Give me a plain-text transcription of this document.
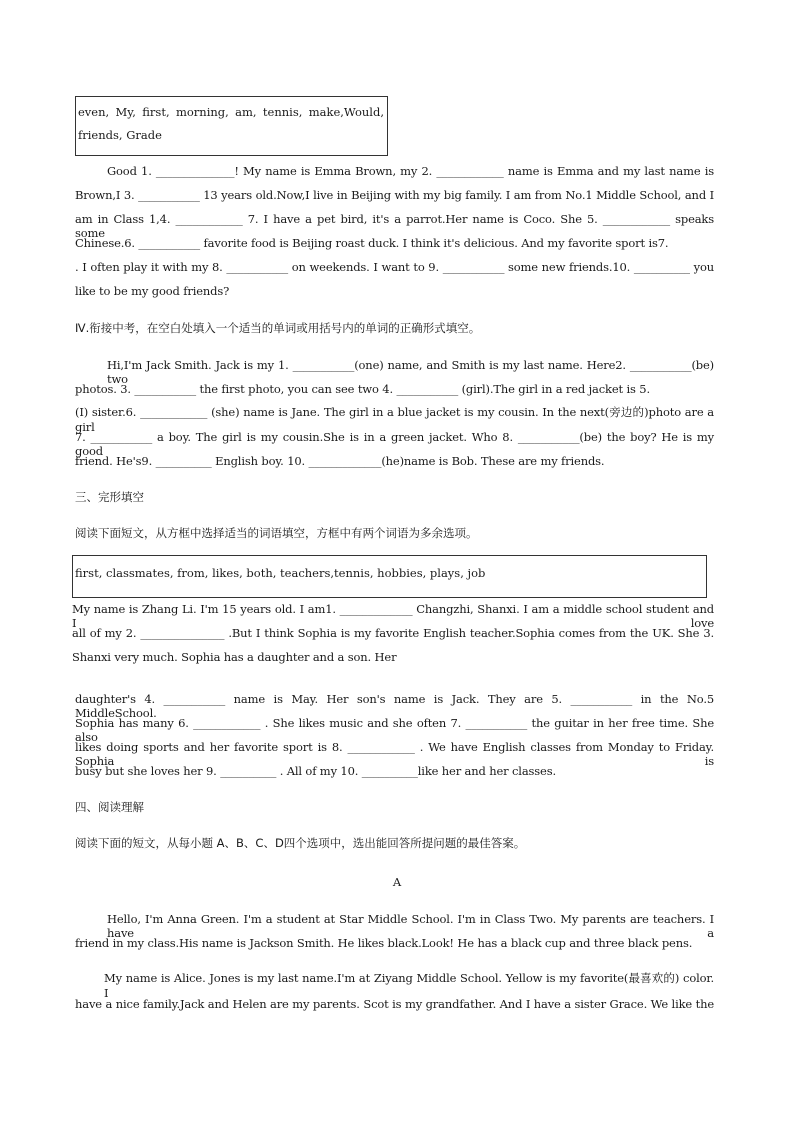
even, My, first, morning, am, tennis, make,Would,
friends, Grade
Good 1. ______________! My name is Emma Brown, my 2. ____________ name is Emma and my last name is
Brown,I 3. ___________ 13 years old.Now,I live in Beijing with my big family. I am from No.1 Middle School, and I
am in Class 1,4. ____________ 7. I have a pet bird, it's a parrot.Her name is Coco. She 5. ____________ speaks some
Chinese.6. ___________ favorite food is Beijing roast duck. I think it's delicious. And my favorite sport is7.
. I often play it with my 8. ___________ on weekends. I want to 9. ___________ some new friends.10. __________ you
like to be my good friends?
Ⅳ.衔接中考，在空白处填入一个适当的单词或用括号内的单词的正确形式填空。
Hi,I'm Jack Smith. Jack is my 1. ___________(one) name, and Smith is my last name. Here2. ___________(be) two
photos. 3. ___________ the first photo, you can see two 4. ___________ (girl).The girl in a red jacket is 5.
(I) sister.6. ____________ (she) name is Jane. The girl in a blue jacket is my cousin. In the next(旁边的)photo are a girl
7. ___________ a boy. The girl is my cousin.She is in a green jacket. Who 8. ___________(be) the boy? He is my good
friend. He's9. __________ English boy. 10. _____________(he)name is Bob. These are my friends.
三、完形填空
阅读下面短文，从方框中选择适当的词语填空，方框中有两个词语为多余选项。
first, classmates, from, likes, both, teachers,tennis, hobbies, plays, job
My name is Zhang Li. I'm 15 years old. I am1. _____________ Changzhi, Shanxi. I am a middle school student and I love
all of my 2. _______________ .But I think Sophia is my favorite English teacher.Sophia comes from the UK. She 3.
Shanxi very much. Sophia has a daughter and a son. Her
daughter's 4. ___________ name is May. Her son's name is Jack. They are 5. ___________ in the No.5 MiddleSchool.
Sophia has many 6. ____________ . She likes music and she often 7. ___________ the guitar in her free time. She also
likes doing sports and her favorite sport is 8. ____________ . We have English classes from Monday to Friday. Sophia is
busy but she loves her 9. __________ . All of my 10. __________like her and her classes.
四、阅读理解
阅读下面的短文，从每小题 A、B、C、D四个选项中，选出能回答所提问题的最佳答案。
A
Hello, I'm Anna Green. I'm a student at Star Middle School. I'm in Class Two. My parents are teachers. I have a
friend in my class.His name is Jackson Smith. He likes black.Look! He has a black cup and three black pens.
My name is Alice. Jones is my last name.I'm at Ziyang Middle School. Yellow is my favorite(最喜欢的) color. I
have a nice family.Jack and Helen are my parents. Scot is my grandfather. And I have a sister Grace. We like the
